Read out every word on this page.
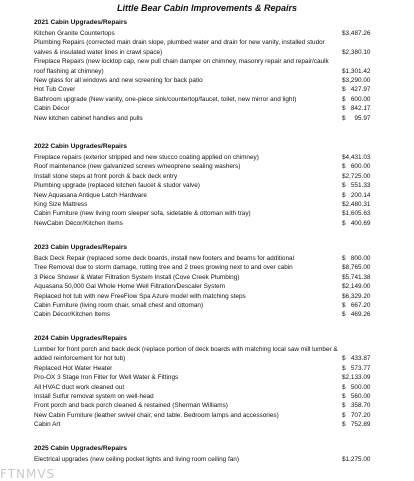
Little Bear Cabin Improvements & Repairs
2021 Cabin Upgrades/Repairs
Kitchen Granite Countertops	$3,487.26
Plumbing Repairs (corrected main drain slope, plumbed water and drain for new vanity, installed studor valves & insulated water lines in crawl space)	$2,380.10
Fireplace Repairs (new locktop cap, new pull chain damper on chimney, masonry repair and repair/caulk roof flashing at chimney)	$1,301.42
New glass for all windows and new screening for back patio	$3,290.00
Hot Tub Cover	$   427.97
Bathroom upgrade (New vanity, one-piece sink/countertop/faucet, toilet, new mirror and light)	$   600.00
Cabin Décor	$   842.17
New kitchen cabinet handles and pulls	$     95.97
2022 Cabin Upgrades/Repairs
Fireplace repairs (exterior stripped and new stucco coating applied on chimney)	$4,431.03
Roof maintenance (new galvanized screws w/neoprene sealing washers)	$   600.00
Install stone steps at front porch & back deck entry	$2,725.00
Plumbing upgrade (replaced kitchen faucet & studor valve)	$   551.33
New Aquasana Antique Latch Hardware	$   200.14
King Size Mattress	$2,480.31
Cabin Furniture (new living room sleeper sofa, sidetable & ottoman with tray)	$1,605.63
NewCabin Décor/Kitchen Items	$   400.69
2023 Cabin Upgrades/Repairs
Back Deck Repair (replaced some deck boards, install new footers and beams for additional	$   800.00
Tree Removal due to storm damage, rotting tree and 2 trees growing next to and over cabin	$8,765.00
3 Piece Shower & Water Filtration System Install (Cove Creek Plumbing)	$5,741.38
Aquasana 50,000 Gal Whole Home Well Filtration/Descaler System	$2,149.00
Replaced hot tub with new FreeFlow Spa Azure model with matching steps	$6,329.20
Cabin Furniture (living room chair, small chest and ottoman)	$   667.20
Cabin Décor/Kitchen Items	$   469.26
2024 Cabin Upgrades/Repairs
Lumber for front porch and back deck (replace portion of deck boards with matching local saw mill lumber & added reinforcement for hot tub)	$   433.87
Replaced Hot Water Heater	$   573.77
Pro-OX 3 Stage Iron Filter for Well Water & Fittings	$2,133.09
All HVAC duct work cleaned out	$   500.00
Install Sulfur removal system on well-head	$   560.00
Front porch and back porch cleaned & restained (Sherman Williams)	$   358.70
New Cabin Furniture (leather swivel chair, end table. Bedroom lamps and accessories)	$   707.20
Cabin Art	$   752.89
2025 Cabin Upgrades/Repairs
Electrical upgrades (new ceiling pocket lights and living room ceiling fan)	$1,275.00
FTNMVS
